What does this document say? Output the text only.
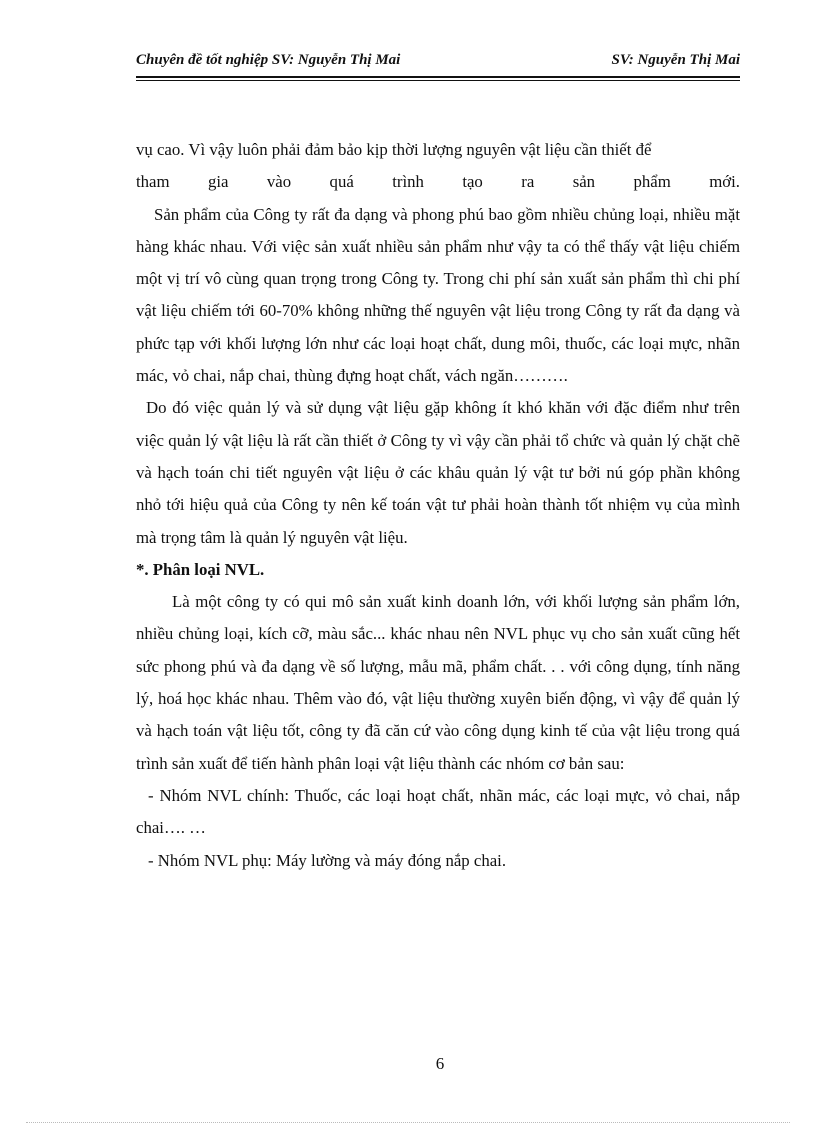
Chuyên đề tốt nghiệp SV: Nguyễn Thị Mai	SV: Nguyễn Thị Mai

vụ cao. Vì vậy luôn phải đảm bảo kịp thời lượng nguyên vật liệu cần thiết để

tham gia vào quá trình tạo ra sản phẩm mới.

Sản phẩm của Công ty rất đa dạng và phong phú bao gồm nhiều chủng loại, nhiều mặt hàng khác nhau. Với việc sản xuất nhiều sản phẩm như vậy ta có thể thấy vật liệu chiếm một vị trí vô cùng quan trọng trong Công ty. Trong chi phí sản xuất sản phẩm thì chi phí vật liệu chiếm tới 60-70% không những thế nguyên vật liệu trong Công ty rất đa dạng và phức tạp với khối lượng lớn như các loại hoạt chất, dung môi, thuốc, các loại mực, nhãn mác, vỏ chai, nắp chai, thùng đựng hoạt chất, vách ngăn……….

Do đó việc quản lý và sử dụng vật liệu gặp không ít khó khăn với đặc điểm như trên việc quản lý vật liệu là rất cần thiết ở Công ty vì vậy cần phải tổ chức và quản lý chặt chẽ và hạch toán chi tiết nguyên vật liệu ở các khâu quản lý vật tư bởi nú góp phần không nhỏ tới hiệu quả của Công ty nên kế toán vật tư phải hoàn thành tốt nhiệm vụ của mình mà trọng tâm là quản lý nguyên vật liệu.

*. Phân loại NVL.

Là một công ty có qui mô sản xuất kinh doanh lớn, với khối lượng sản phẩm lớn, nhiều chủng loại, kích cỡ, màu sắc... khác nhau nên NVL phục vụ cho sản xuất cũng hết sức phong phú và đa dạng về số lượng, mẫu mã, phẩm chất. . . với công dụng, tính năng lý, hoá học khác nhau. Thêm vào đó, vật liệu thường xuyên biến động, vì vậy để quản lý và hạch toán vật liệu tốt, công ty đã căn cứ vào công dụng kinh tế của vật liệu trong quá trình sản xuất để tiến hành phân loại vật liệu thành các nhóm cơ bản sau:

- Nhóm NVL chính: Thuốc, các loại hoạt chất, nhãn mác, các loại mực, vỏ chai, nắp chai…. …

- Nhóm NVL phụ: Máy lường và máy đóng nắp chai.

6
